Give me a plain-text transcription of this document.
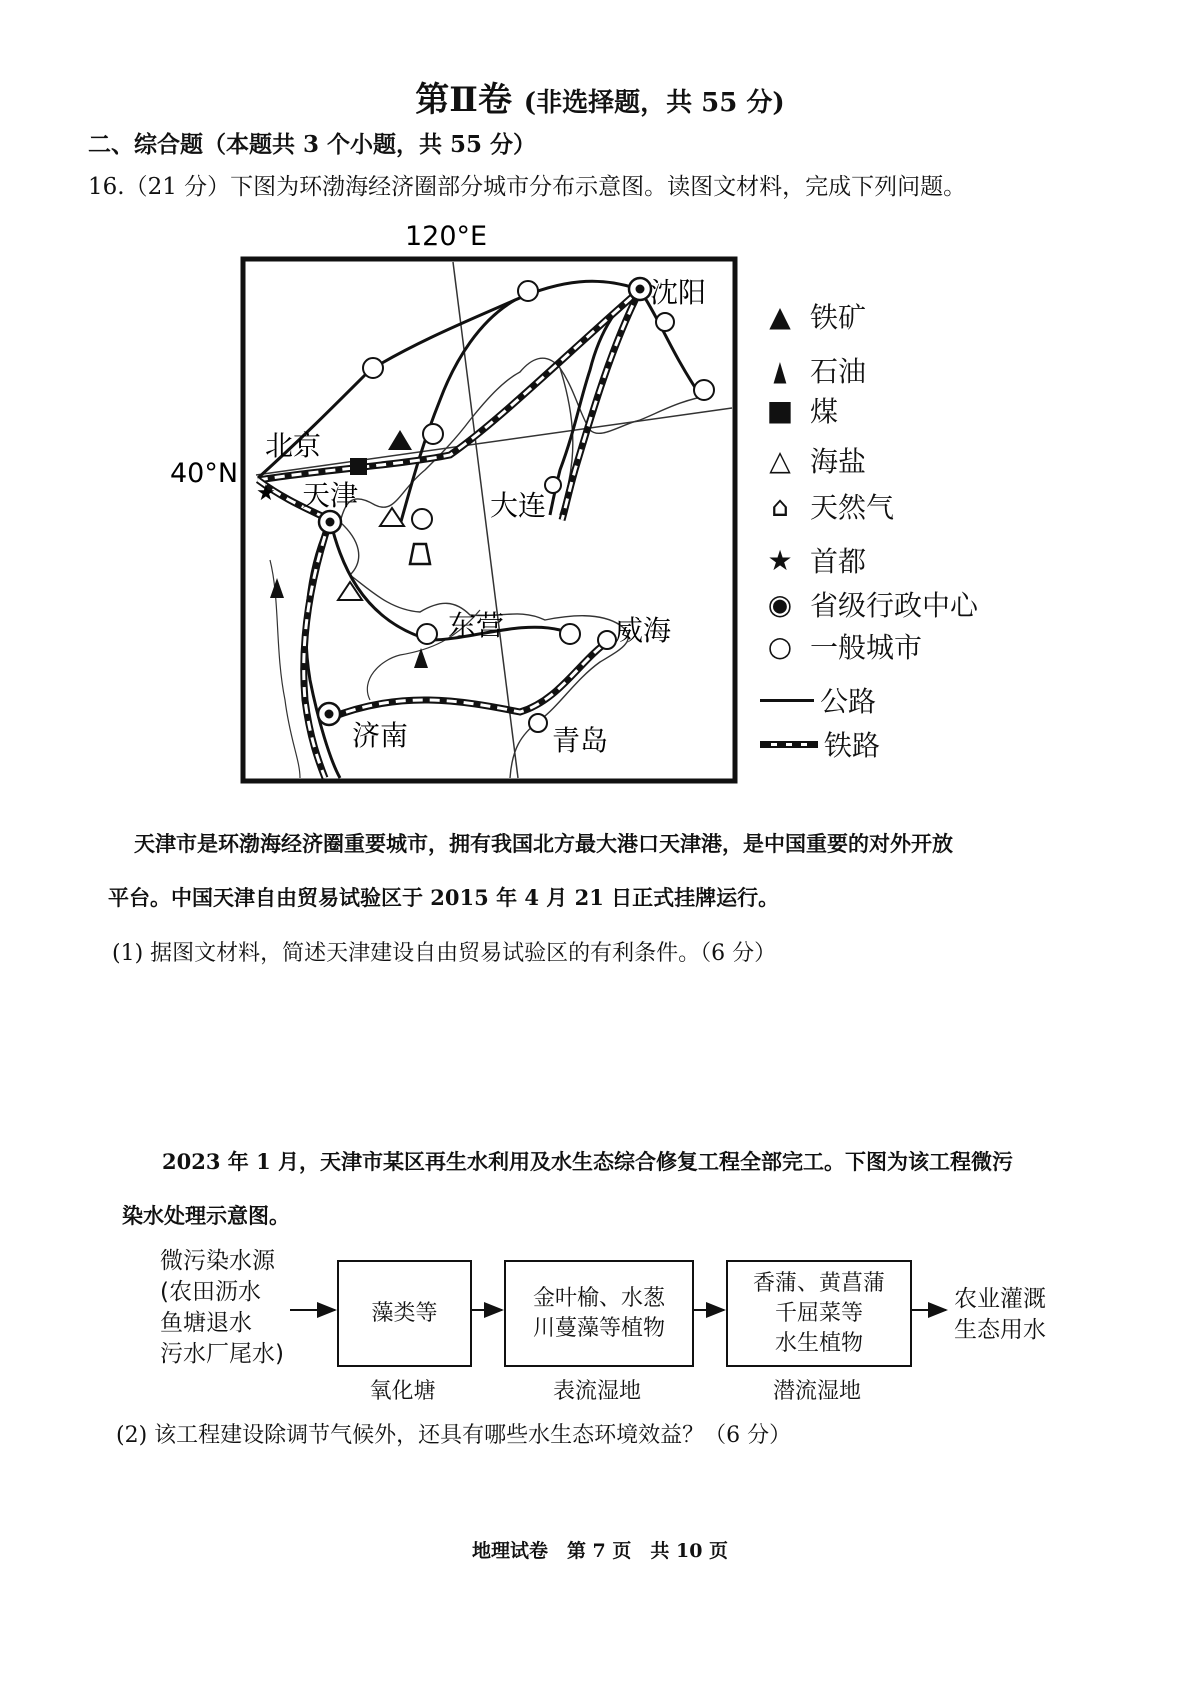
第Ⅱ卷 (非选择题，共 55 分)
二、综合题（本题共 3 个小题，共 55 分）
16.（21 分）下图为环渤海经济圈部分城市分布示意图。读图文材料，完成下列问题。
120°E
40°N
★
沈阳
北京
天津	大连
东营	威海
济南	青岛
▲ 铁矿
▲ 石油
■ 煤
△ 海盐
⌂ 天然气
★ 首都
◉ 省级行政中心
○ 一般城市
公路
铁路
天津市是环渤海经济圈重要城市，拥有我国北方最大港口天津港，是中国重要的对外开放
平台。中国天津自由贸易试验区于 2015 年 4 月 21 日正式挂牌运行。
(1) 据图文材料，简述天津建设自由贸易试验区的有利条件。（6 分）
2023 年 1 月，天津市某区再生水利用及水生态综合修复工程全部完工。下图为该工程微污
染水处理示意图。
微污染水源
(农田沥水
鱼塘退水
污水厂尾水)
藻类等
金叶榆、水葱
川蔓藻等植物
香蒲、黄菖蒲
千屈菜等
水生植物
氧化塘	表流湿地	潜流湿地
农业灌溉
生态用水
(2) 该工程建设除调节气候外，还具有哪些水生态环境效益？（6 分）
地理试卷　第 7 页　共 10 页
